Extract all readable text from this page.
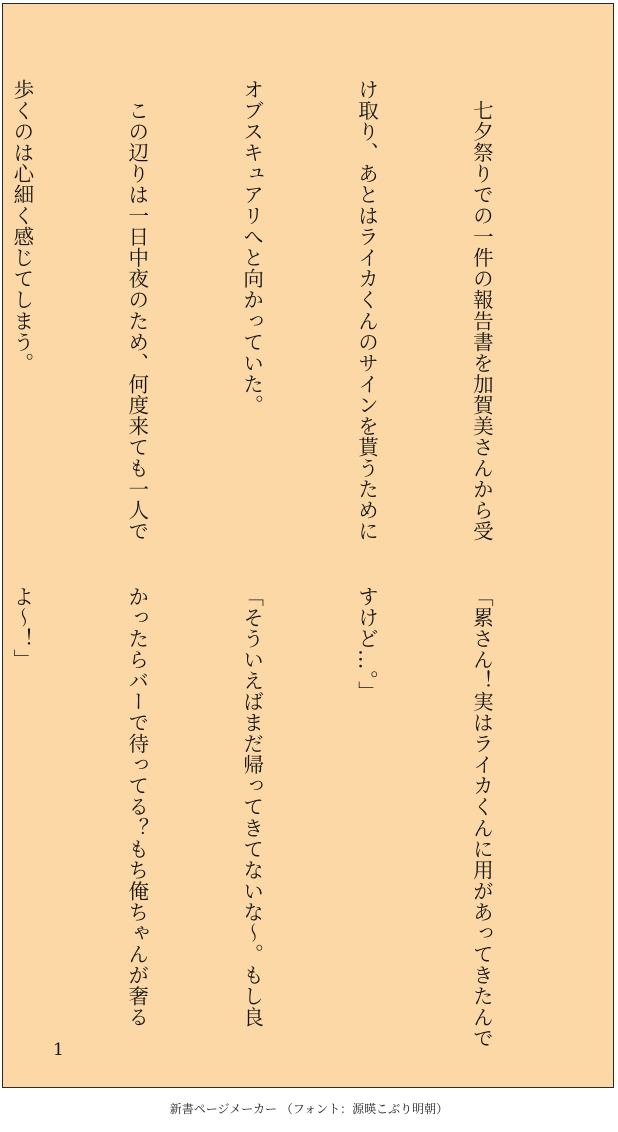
　七夕祭りでの一件の報告書を加賀美さんから受

け取り、あとはライカくんのサインを貰うために

オブスキュアリへと向かっていた。

　この辺りは一日中夜のため、何度来ても一人で

歩くのは心細く感じてしまう。

「累さん！実はライカくんに用があってきたんで

すけど…。」

「そういえばまだ帰ってきてないな～。もし良

かったらバーで待ってる？もち俺ちゃんが奢る

よ～！」

1
新書ページメーカー （フォント：源暎こぶり明朝）
